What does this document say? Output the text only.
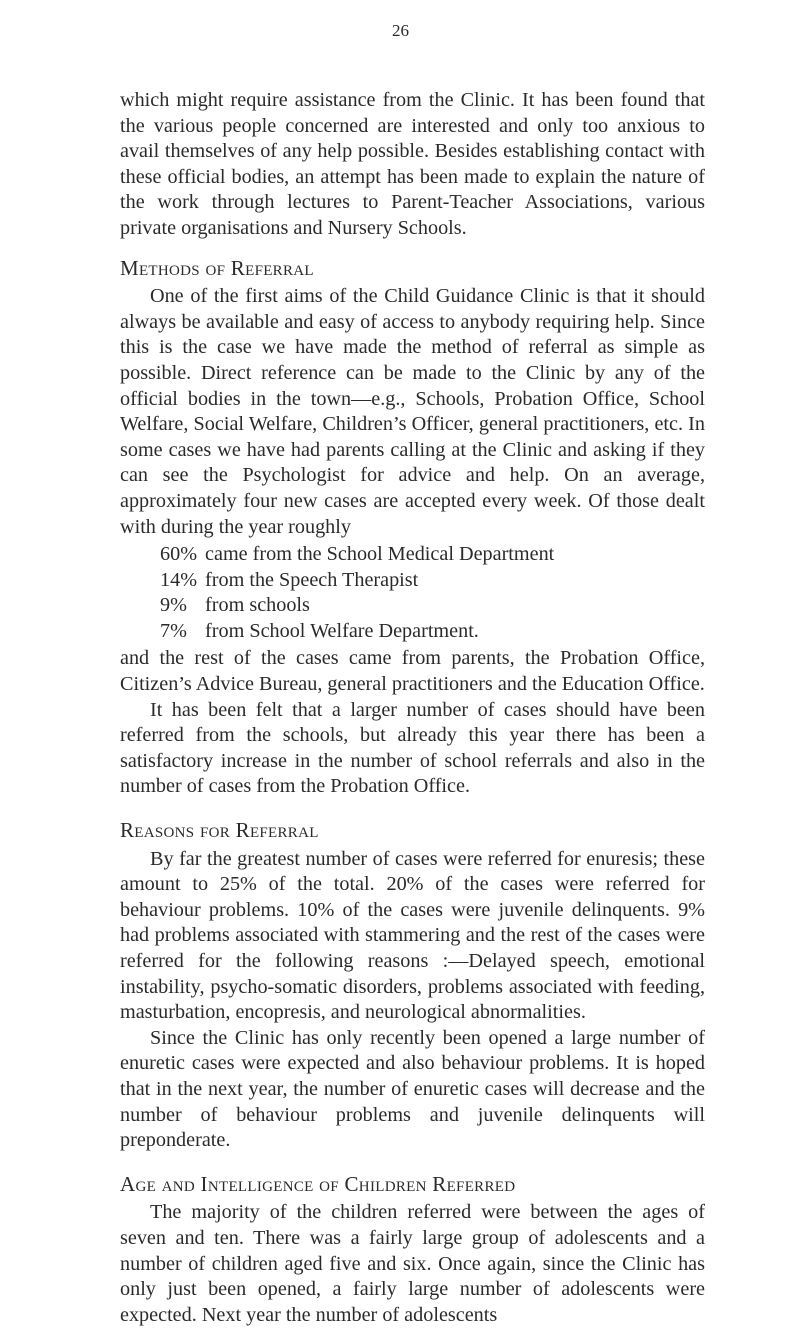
26

which might require assistance from the Clinic. It has been found that the various people concerned are interested and only too anxious to avail themselves of any help possible. Besides establishing contact with these official bodies, an attempt has been made to explain the nature of the work through lectures to Parent-Teacher Associations, various private organisations and Nursery Schools.

Methods of Referral

One of the first aims of the Child Guidance Clinic is that it should always be available and easy of access to anybody requiring help. Since this is the case we have made the method of referral as simple as possible. Direct reference can be made to the Clinic by any of the official bodies in the town—e.g., Schools, Probation Office, School Welfare, Social Welfare, Children’s Officer, general practitioners, etc. In some cases we have had parents calling at the Clinic and asking if they can see the Psychologist for advice and help. On an average, approximately four new cases are accepted every week. Of those dealt with during the year roughly

60% came from the School Medical Department
14% from the Speech Therapist
9% from schools
7% from School Welfare Department.

and the rest of the cases came from parents, the Probation Office, Citizen’s Advice Bureau, general practitioners and the Education Office.

It has been felt that a larger number of cases should have been referred from the schools, but already this year there has been a satisfactory increase in the number of school referrals and also in the number of cases from the Probation Office.

Reasons for Referral

By far the greatest number of cases were referred for enuresis; these amount to 25% of the total. 20% of the cases were referred for behaviour problems. 10% of the cases were juvenile delinquents. 9% had problems associated with stammering and the rest of the cases were referred for the following reasons :—Delayed speech, emotional instability, psycho-somatic disorders, problems associated with feeding, masturbation, encopresis, and neurological abnormalities.

Since the Clinic has only recently been opened a large number of enuretic cases were expected and also behaviour problems. It is hoped that in the next year, the number of enuretic cases will decrease and the number of behaviour problems and juvenile delinquents will preponderate.

Age and Intelligence of Children Referred

The majority of the children referred were between the ages of seven and ten. There was a fairly large group of adolescents and a number of children aged five and six. Once again, since the Clinic has only just been opened, a fairly large number of adolescents were expected. Next year the number of adolescents
